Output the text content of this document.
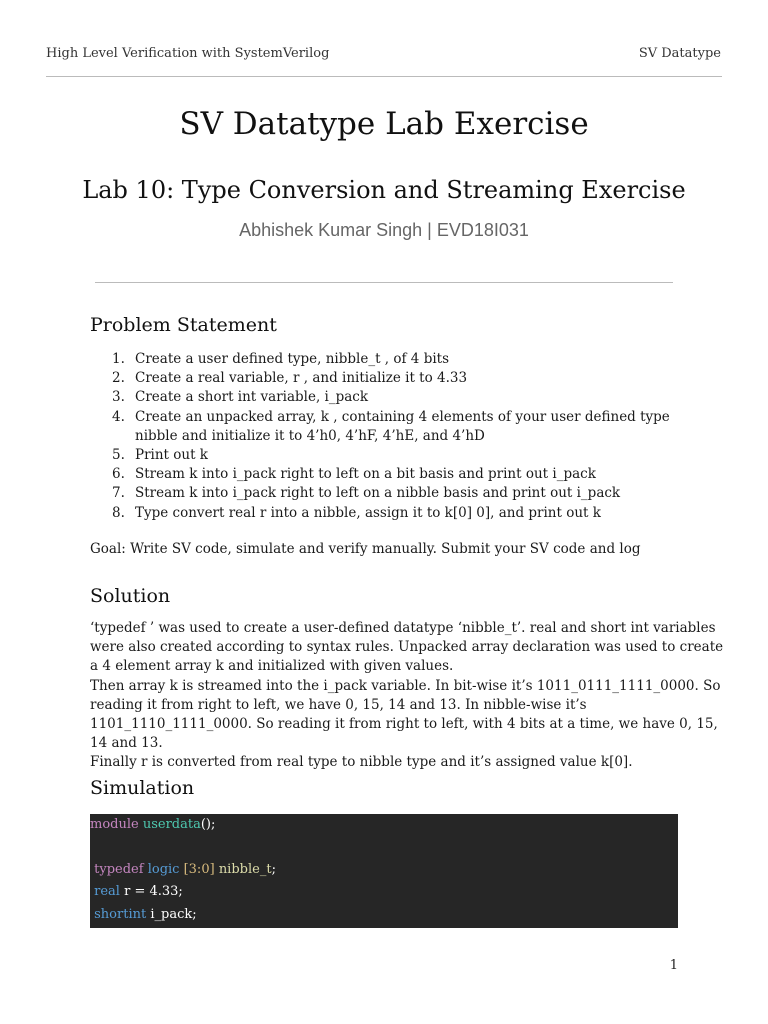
High Level Verification with SystemVerilog	SV Datatype
SV Datatype Lab Exercise
Lab 10: Type Conversion and Streaming Exercise
Abhishek Kumar Singh | EVD18I031
Problem Statement
1. Create a user defined type, nibble_t , of 4 bits
2. Create a real variable, r , and initialize it to 4.33
3. Create a short int variable, i_pack
4. Create an unpacked array, k , containing 4 elements of your user defined type nibble and initialize it to 4’h0, 4’hF, 4’hE, and 4’hD
5. Print out k
6. Stream k into i_pack right to left on a bit basis and print out i_pack
7. Stream k into i_pack right to left on a nibble basis and print out i_pack
8. Type convert real r into a nibble, assign it to k[0] 0], and print out k
Goal: Write SV code, simulate and verify manually. Submit your SV code and log
Solution

‘typedef ’ was used to create a user-defined datatype ‘nibble_t’. real and short int variables were also created according to syntax rules. Unpacked array declaration was used to create a 4 element array k and initialized with given values.

Then array k is streamed into the i_pack variable. In bit-wise it’s 1011_0111_1111_0000. So reading it from right to left, we have 0, 15, 14 and 13. In nibble-wise it’s 1101_1110_1111_0000. So reading it from right to left, with 4 bits at a time, we have 0, 15, 14 and 13.

Finally r is converted from real type to nibble type and it’s assigned value k[0].

Simulation
module userdata();

typedef logic [3:0] nibble_t;
real r = 4.33;
shortint i_pack;
1
